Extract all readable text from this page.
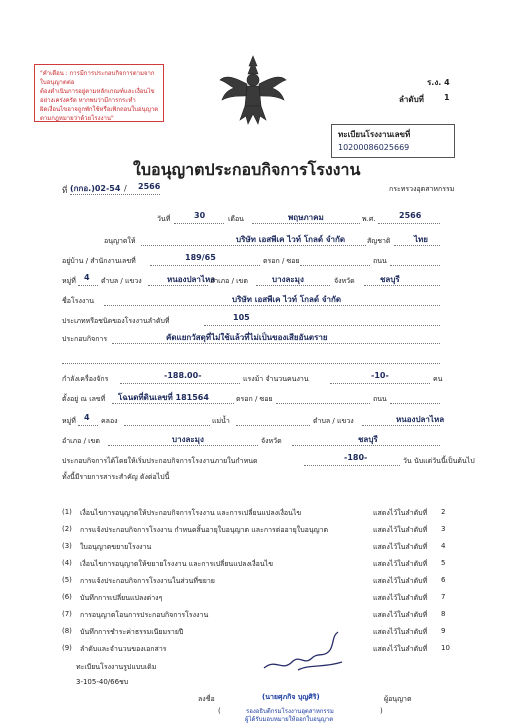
"คำเตือน : การมีการประกอบกิจการตามจากใบอนุญาตต่อ
ต้องดำเนินการอยู่ตามหลักเกณฑ์และเงื่อนไข
อย่างเคร่งครัด หากพบว่ามีการกระทำ
ผิดเงื่อนไขอาจถูกพักใช้หรือเพิกถอนใบอนุญาต
ตามกฎหมายว่าด้วยโรงงาน"
ร.ง. 4
ลำดับที่	1
ทะเบียนโรงงานเลขที่
10200086025669
ใบอนุญาตประกอบกิจการโรงงาน
ที่ (กกอ.)02-54 / 2566	กระทรวงอุตสาหกรรม
วันที่	30	เดือน	พฤษภาคม	พ.ศ.	2566
อนุญาตให้	บริษัท เอสพีเค ไวท์ โกลด์ จำกัด	สัญชาติ	ไทย
อยู่บ้าน / สำนักงานเลขที่	189/65	ตรอก / ซอย	ถนน
หมู่ที่ 4 ตำบล / แขวง	หนองปลาไหล
อำเภอ / เขต	บางละมุง	จังหวัด	ชลบุรี
ชื่อโรงงาน	บริษัท เอสพีเค ไวท์ โกลด์ จำกัด
ประเภทหรือชนิดของโรงงานลำดับที่	105
ประกอบกิจการ	คัดแยกวัสดุที่ไม่ใช้แล้วที่ไม่เป็นของเสียอันตราย
กำลังเครื่องจักร	-188.00-	แรงม้า จำนวนคนงาน	-10-	คน
ตั้งอยู่ ณ เลขที่ โฉนดที่ดินเลขที่ 181564	ตรอก / ซอย	ถนน
หมู่ที่ 4 คลอง	แม่น้ำ	ตำบล / แขวง	หนองปลาไหล
อำเภอ / เขต	บางละมุง	จังหวัด	ชลบุรี
ประกอบกิจการได้โดยให้เริ่มประกอบกิจการโรงงานภายในกำหนด	-180-	วัน นับแต่วันนี้เป็นต้นไป
ทั้งนี้มีรายการสาระสำคัญ ดังต่อไปนี้
(1) เงื่อนไขการอนุญาตให้ประกอบกิจการโรงงาน และการเปลี่ยนแปลงเงื่อนไข	แสดงไว้ในลำดับที่ 2
(2) การแจ้งประกอบกิจการโรงงาน กำหนดสิ้นอายุใบอนุญาต และการต่ออายุใบอนุญาต	แสดงไว้ในลำดับที่ 3
(3) ใบอนุญาตขยายโรงงาน	แสดงไว้ในลำดับที่ 4
(4) เงื่อนไขการอนุญาตให้ขยายโรงงาน และการเปลี่ยนแปลงเงื่อนไข	แสดงไว้ในลำดับที่ 5
(5) การแจ้งประกอบกิจการโรงงานในส่วนที่ขยาย	แสดงไว้ในลำดับที่ 6
(6) บันทึกการเปลี่ยนแปลงต่างๆ	แสดงไว้ในลำดับที่ 7
(7) การอนุญาตโอนการประกอบกิจการโรงงาน	แสดงไว้ในลำดับที่ 8
(8) บันทึกการชำระค่าธรรมเนียมรายปี	แสดงไว้ในลำดับที่ 9
(9) ลำดับและจำนวนของเอกสาร	แสดงไว้ในลำดับที่ 10
ทะเบียนโรงงานรูปแบบเดิม
3-105-40/66ชบ
ลงชื่อ	(นายศุภกิจ บุญศิริ)	ผู้อนุญาต
(	รองอธิบดีกรมโรงงานอุตสาหกรรม
ผู้ได้รับมอบหมายให้ออกใบอนุญาต
)
